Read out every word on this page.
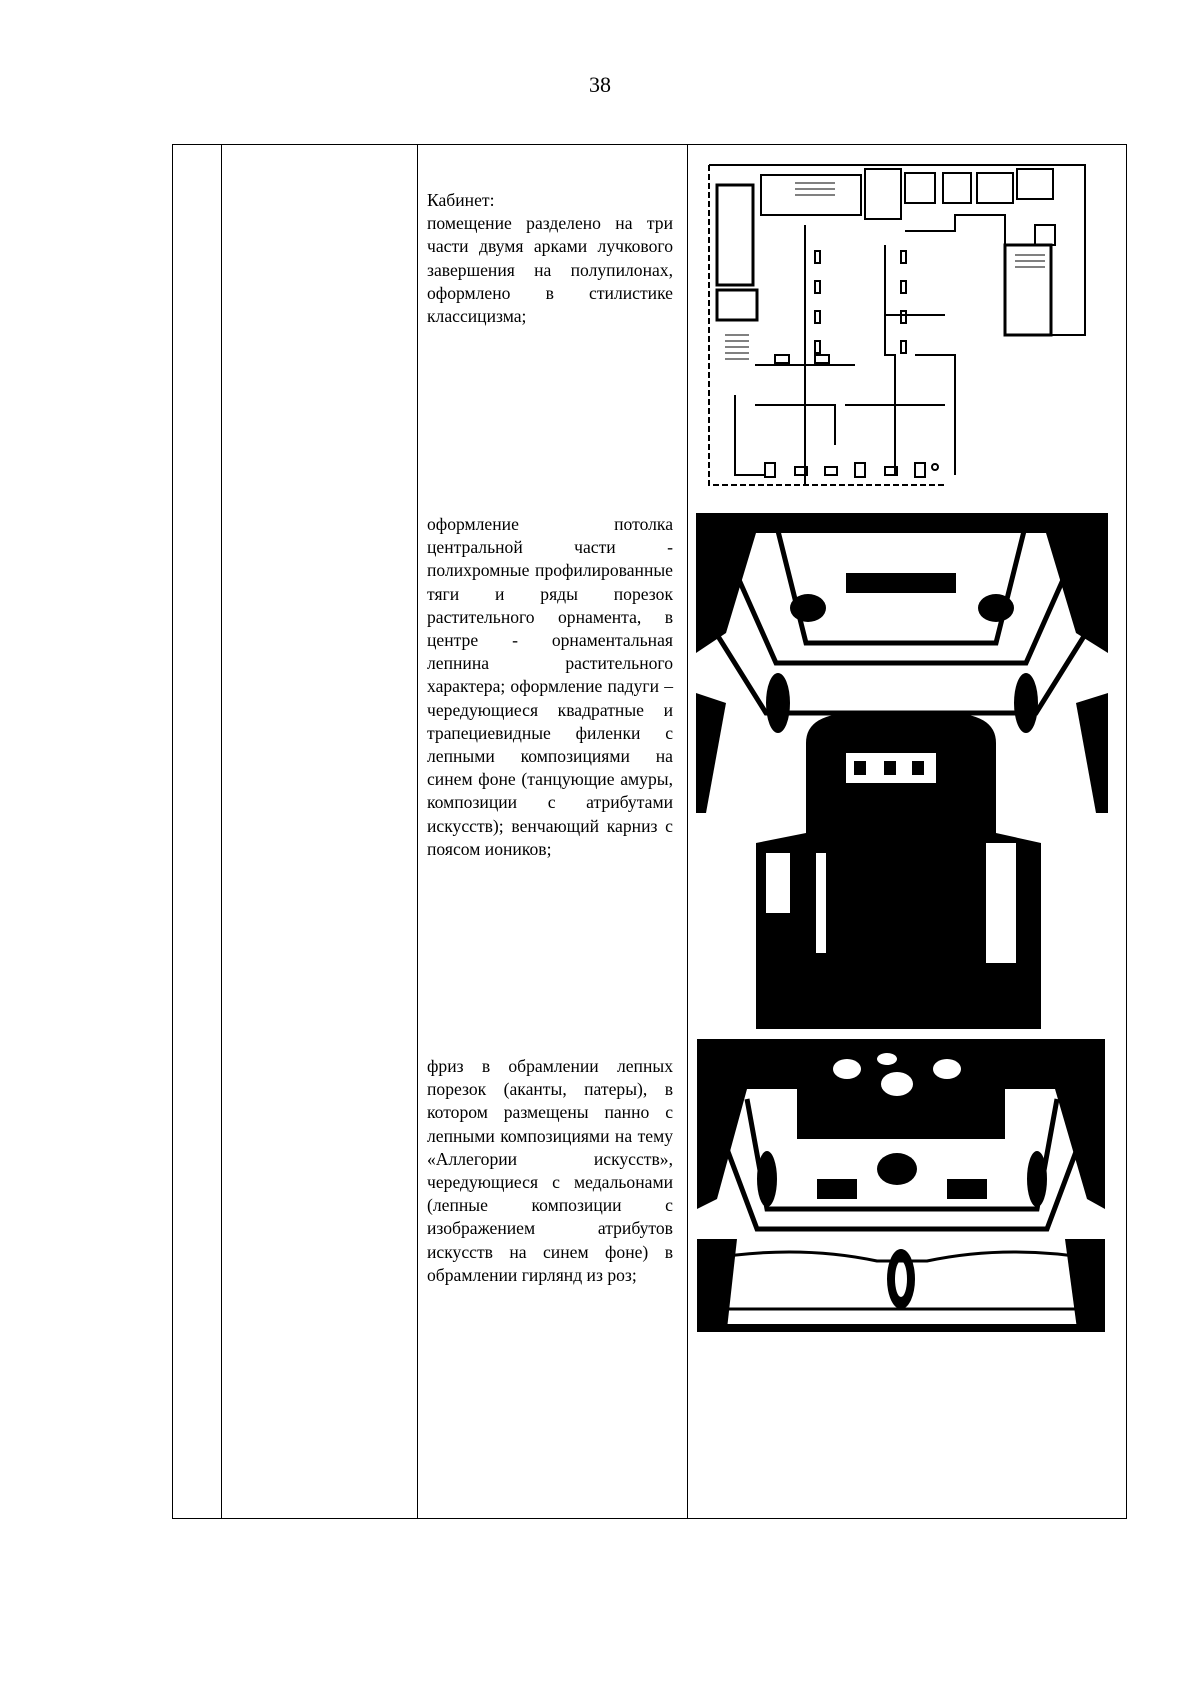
38

Кабинет:

помещение разделено на три части двумя арками лучкового завершения на полупилонах, оформлено в стилистике классицизма;

оформление потолка центральной части - полихромные профилированные тяги и ряды порезок растительного орнамента, в центре - орнаментальная лепнина растительного характера; оформление падуги – чередующиеся квадратные и трапециевидные филенки с лепными композициями на синем фоне (танцующие амуры, композиции с атрибутами искусств); венчающий карниз с поясом иоников;

фриз в обрамлении лепных порезок (аканты, патеры), в котором размещены панно с лепными композициями на тему «Аллегории искусств», чередующиеся с медальонами (лепные композиции с изображением атрибутов искусств на синем фоне) в обрамлении гирлянд из роз;
